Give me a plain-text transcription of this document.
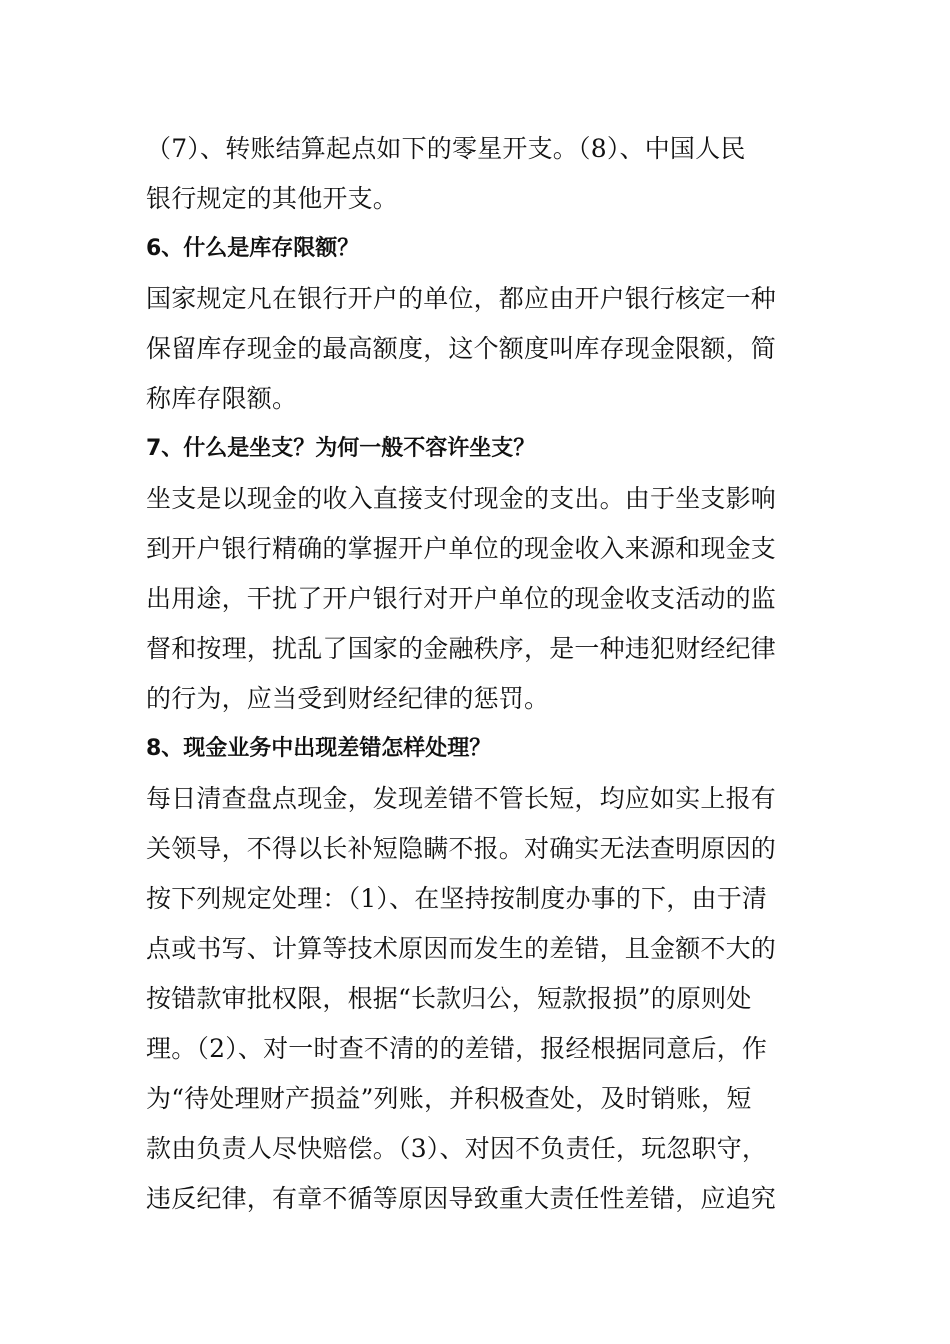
（7）、转账结算起点如下的零星开支。（8）、中国人民

银行规定的其他开支。

6、什么是库存限额？

国家规定凡在银行开户的单位，都应由开户银行核定一种

保留库存现金的最高额度，这个额度叫库存现金限额，简

称库存限额。

7、什么是坐支？为何一般不容许坐支？

坐支是以现金的收入直接支付现金的支出。由于坐支影响

到开户银行精确的掌握开户单位的现金收入来源和现金支

出用途，干扰了开户银行对开户单位的现金收支活动的监

督和按理，扰乱了国家的金融秩序，是一种违犯财经纪律

的行为，应当受到财经纪律的惩罚。

8、现金业务中出现差错怎样处理？

每日清查盘点现金，发现差错不管长短，均应如实上报有

关领导，不得以长补短隐瞒不报。对确实无法查明原因的

按下列规定处理：（1）、在坚持按制度办事的下，由于清

点或书写、计算等技术原因而发生的差错，且金额不大的

按错款审批权限，根据“长款归公，短款报损”的原则处

理。（2）、对一时查不清的的差错，报经根据同意后，作

为“待处理财产损益”列账，并积极查处，及时销账，短

款由负责人尽快赔偿。（3）、对因不负责任，玩忽职守，

违反纪律，有章不循等原因导致重大责任性差错，应追究
